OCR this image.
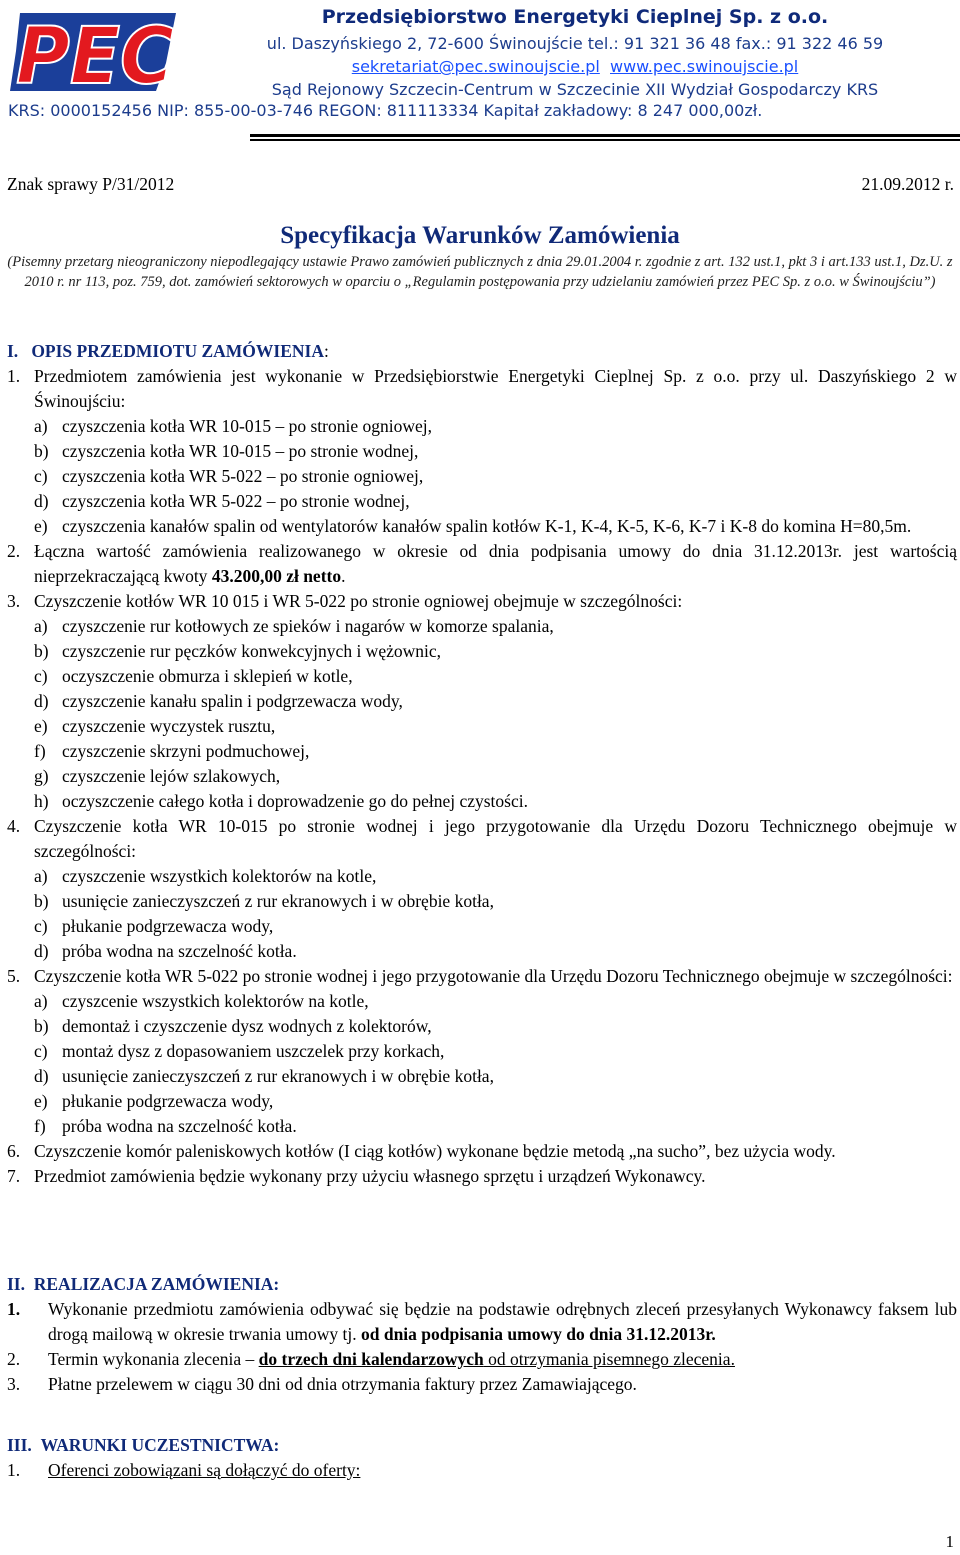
PEC	Przedsiębiorstwo Energetyki Cieplnej Sp. z o.o.
ul. Daszyńskiego 2, 72-600 Świnoujście tel.: 91 321 36 48 fax.: 91 322 46 59
sekretariat@pec.swinoujscie.pl www.pec.swinoujscie.pl
Sąd Rejonowy Szczecin-Centrum w Szczecinie XII Wydział Gospodarczy KRS
KRS: 0000152456 NIP: 855-00-03-746 REGON: 811113334 Kapitał zakładowy: 8 247 000,00zł.
Znak sprawy P/31/2012	21.09.2012 r.
Specyfikacja Warunków Zamówienia
(Pisemny przetarg nieograniczony niepodlegający ustawie Prawo zamówień publicznych z dnia 29.01.2004 r. zgodnie z art. 132 ust.1, pkt 3 i art.133 ust.1, Dz.U. z 2010 r. nr 113, poz. 759, dot. zamówień sektorowych w oparciu o „Regulamin postępowania przy udzielaniu zamówień przez PEC Sp. z o.o. w Świnoujściu”)
I. OPIS PRZEDMIOTU ZAMÓWIENIA:
1. Przedmiotem zamówienia jest wykonanie w Przedsiębiorstwie Energetyki Cieplnej Sp. z o.o. przy ul. Daszyńskiego 2 w Świnoujściu:
a) czyszczenia kotła WR 10-015 – po stronie ogniowej,
b) czyszczenia kotła WR 10-015 – po stronie wodnej,
c) czyszczenia kotła WR 5-022 – po stronie ogniowej,
d) czyszczenia kotła WR 5-022 – po stronie wodnej,
e) czyszczenia kanałów spalin od wentylatorów kanałów spalin kotłów K-1, K-4, K-5, K-6, K-7 i K-8 do komina H=80,5m.
2. Łączna wartość zamówienia realizowanego w okresie od dnia podpisania umowy do dnia 31.12.2013r. jest wartością nieprzekraczającą kwoty 43.200,00 zł netto.
3. Czyszczenie kotłów WR 10 015 i WR 5-022 po stronie ogniowej obejmuje w szczególności:
a) czyszczenie rur kotłowych ze spieków i nagarów w komorze spalania,
b) czyszczenie rur pęczków konwekcyjnych i wężownic,
c) oczyszczenie obmurza i sklepień w kotle,
d) czyszczenie kanału spalin i podgrzewacza wody,
e) czyszczenie wyczystek rusztu,
f) czyszczenie skrzyni podmuchowej,
g) czyszczenie lejów szlakowych,
h) oczyszczenie całego kotła i doprowadzenie go do pełnej czystości.
4. Czyszczenie kotła WR 10-015 po stronie wodnej i jego przygotowanie dla Urzędu Dozoru Technicznego obejmuje w szczególności:
a) czyszczenie wszystkich kolektorów na kotle,
b) usunięcie zanieczyszczeń z rur ekranowych i w obrębie kotła,
c) płukanie podgrzewacza wody,
d) próba wodna na szczelność kotła.
5. Czyszczenie kotła WR 5-022 po stronie wodnej i jego przygotowanie dla Urzędu Dozoru Technicznego obejmuje w szczególności:
a) czyszcenie wszystkich kolektorów na kotle,
b) demontaż i czyszczenie dysz wodnych z kolektorów,
c) montaż dysz z dopasowaniem uszczelek przy korkach,
d) usunięcie zanieczyszczeń z rur ekranowych i w obrębie kotła,
e) płukanie podgrzewacza wody,
f) próba wodna na szczelność kotła.
6. Czyszczenie komór paleniskowych kotłów (I ciąg kotłów) wykonane będzie metodą „na sucho”, bez użycia wody.
7. Przedmiot zamówienia będzie wykonany przy użyciu własnego sprzętu i urządzeń Wykonawcy.
II. REALIZACJA ZAMÓWIENIA:
1. Wykonanie przedmiotu zamówienia odbywać się będzie na podstawie odrębnych zleceń przesyłanych Wykonawcy faksem lub drogą mailową w okresie trwania umowy tj. od dnia podpisania umowy do dnia 31.12.2013r.
2. Termin wykonania zlecenia – do trzech dni kalendarzowych od otrzymania pisemnego zlecenia.
3. Płatne przelewem w ciągu 30 dni od dnia otrzymania faktury przez Zamawiającego.
III. WARUNKI UCZESTNICTWA:
1. Oferenci zobowiązani są dołączyć do oferty:
1
